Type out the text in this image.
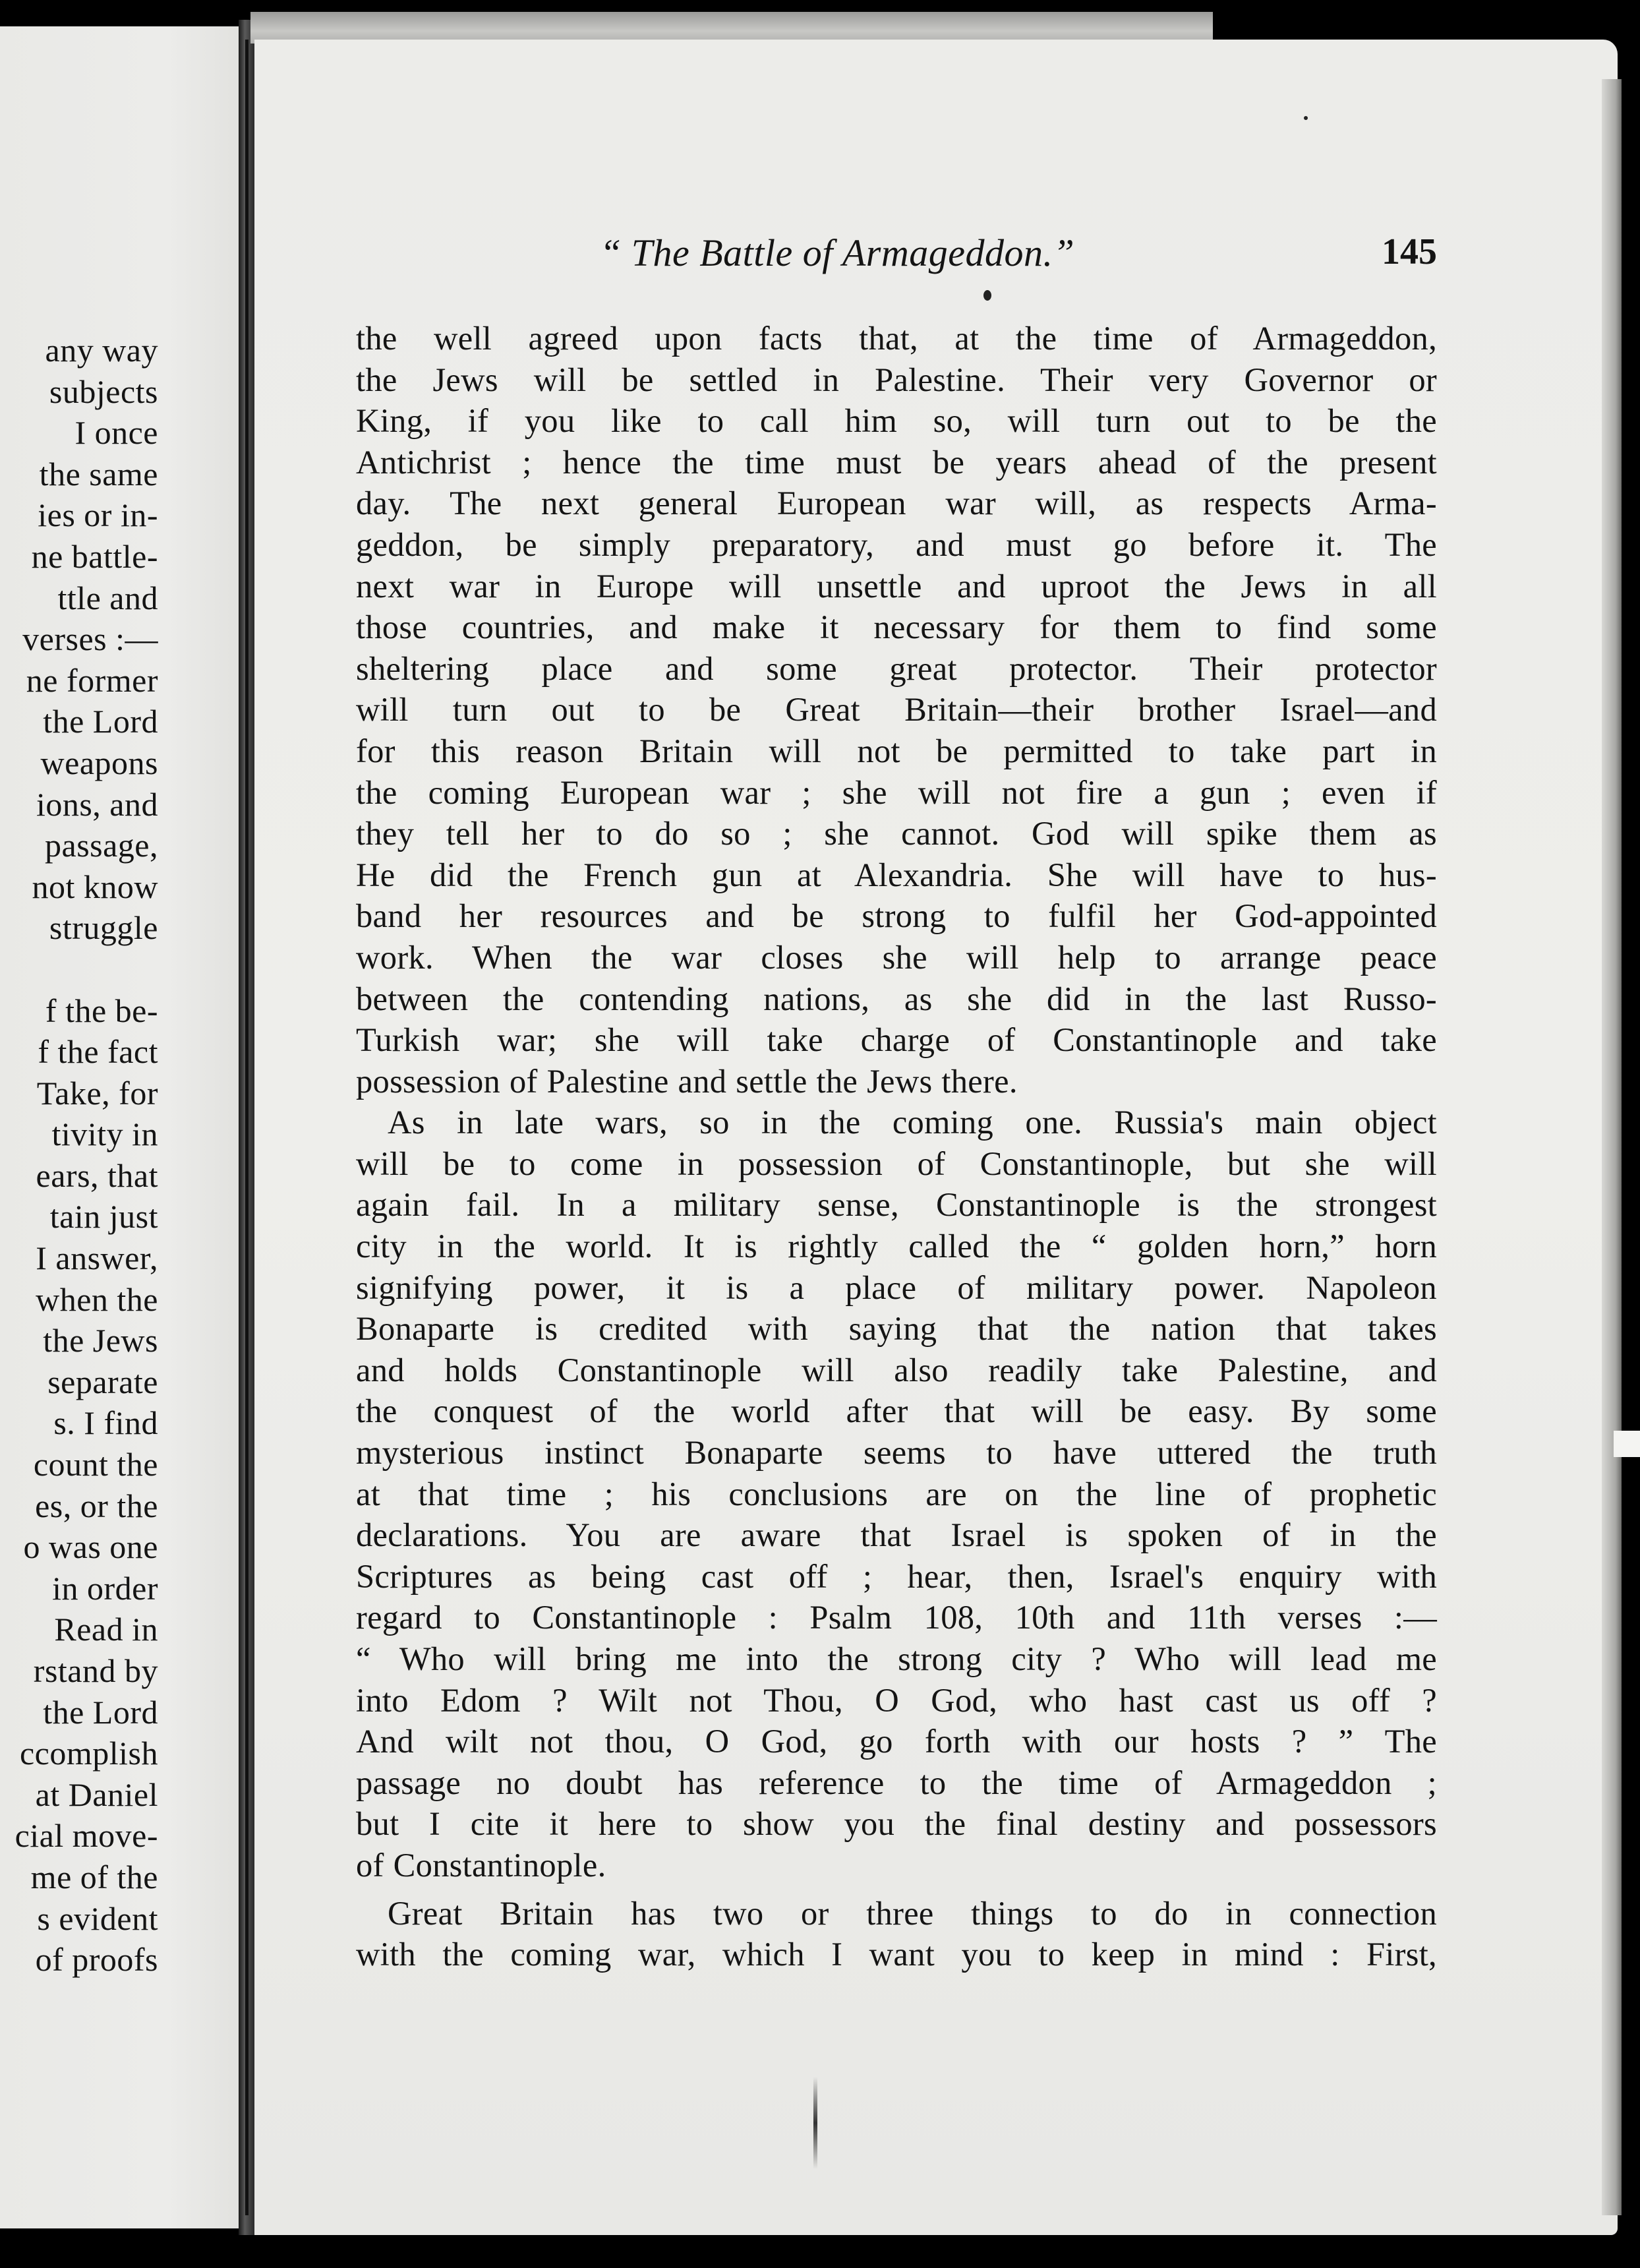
any way
subjects
I once
the same
ies or in-
ne battle-
ttle and
verses :—
ne former
the Lord
weapons
ions, and
passage,
not know
struggle
f the be-
f the fact
Take, for
tivity in
ears, that
tain just
I answer,
when the
the Jews
separate
s. I find
count the
es, or the
o was one
in order
Read in
rstand by
the Lord
ccomplish
at Daniel
cial move-
me of the
s evident
of proofs
“ The Battle of Armageddon.”	145
the well agreed upon facts that, at the time of Armageddon,
the Jews will be settled in Palestine. Their very Governor or
King, if you like to call him so, will turn out to be the
Antichrist ; hence the time must be years ahead of the present
day. The next general European war will, as respects Arma-
geddon, be simply preparatory, and must go before it. The
next war in Europe will unsettle and uproot the Jews in all
those countries, and make it necessary for them to find some
sheltering place and some great protector. Their protector
will turn out to be Great Britain—their brother Israel—and
for this reason Britain will not be permitted to take part in
the coming European war ; she will not fire a gun ; even if
they tell her to do so ; she cannot. God will spike them as
He did the French gun at Alexandria. She will have to hus-
band her resources and be strong to fulfil her God-appointed
work. When the war closes she will help to arrange peace
between the contending nations, as she did in the last Russo-
Turkish war; she will take charge of Constantinople and take
possession of Palestine and settle the Jews there.
As in late wars, so in the coming one. Russia's main object
will be to come in possession of Constantinople, but she will
again fail. In a military sense, Constantinople is the strongest
city in the world. It is rightly called the “ golden horn,” horn
signifying power, it is a place of military power. Napoleon
Bonaparte is credited with saying that the nation that takes
and holds Constantinople will also readily take Palestine, and
the conquest of the world after that will be easy. By some
mysterious instinct Bonaparte seems to have uttered the truth
at that time ; his conclusions are on the line of prophetic
declarations. You are aware that Israel is spoken of in the
Scriptures as being cast off ; hear, then, Israel's enquiry with
regard to Constantinople : Psalm 108, 10th and 11th verses :—
“ Who will bring me into the strong city ? Who will lead me
into Edom ? Wilt not Thou, O God, who hast cast us off ?
And wilt not thou, O God, go forth with our hosts ? ” The
passage no doubt has reference to the time of Armageddon ;
but I cite it here to show you the final destiny and possessors
of Constantinople.
Great Britain has two or three things to do in connection
with the coming war, which I want you to keep in mind : First,
